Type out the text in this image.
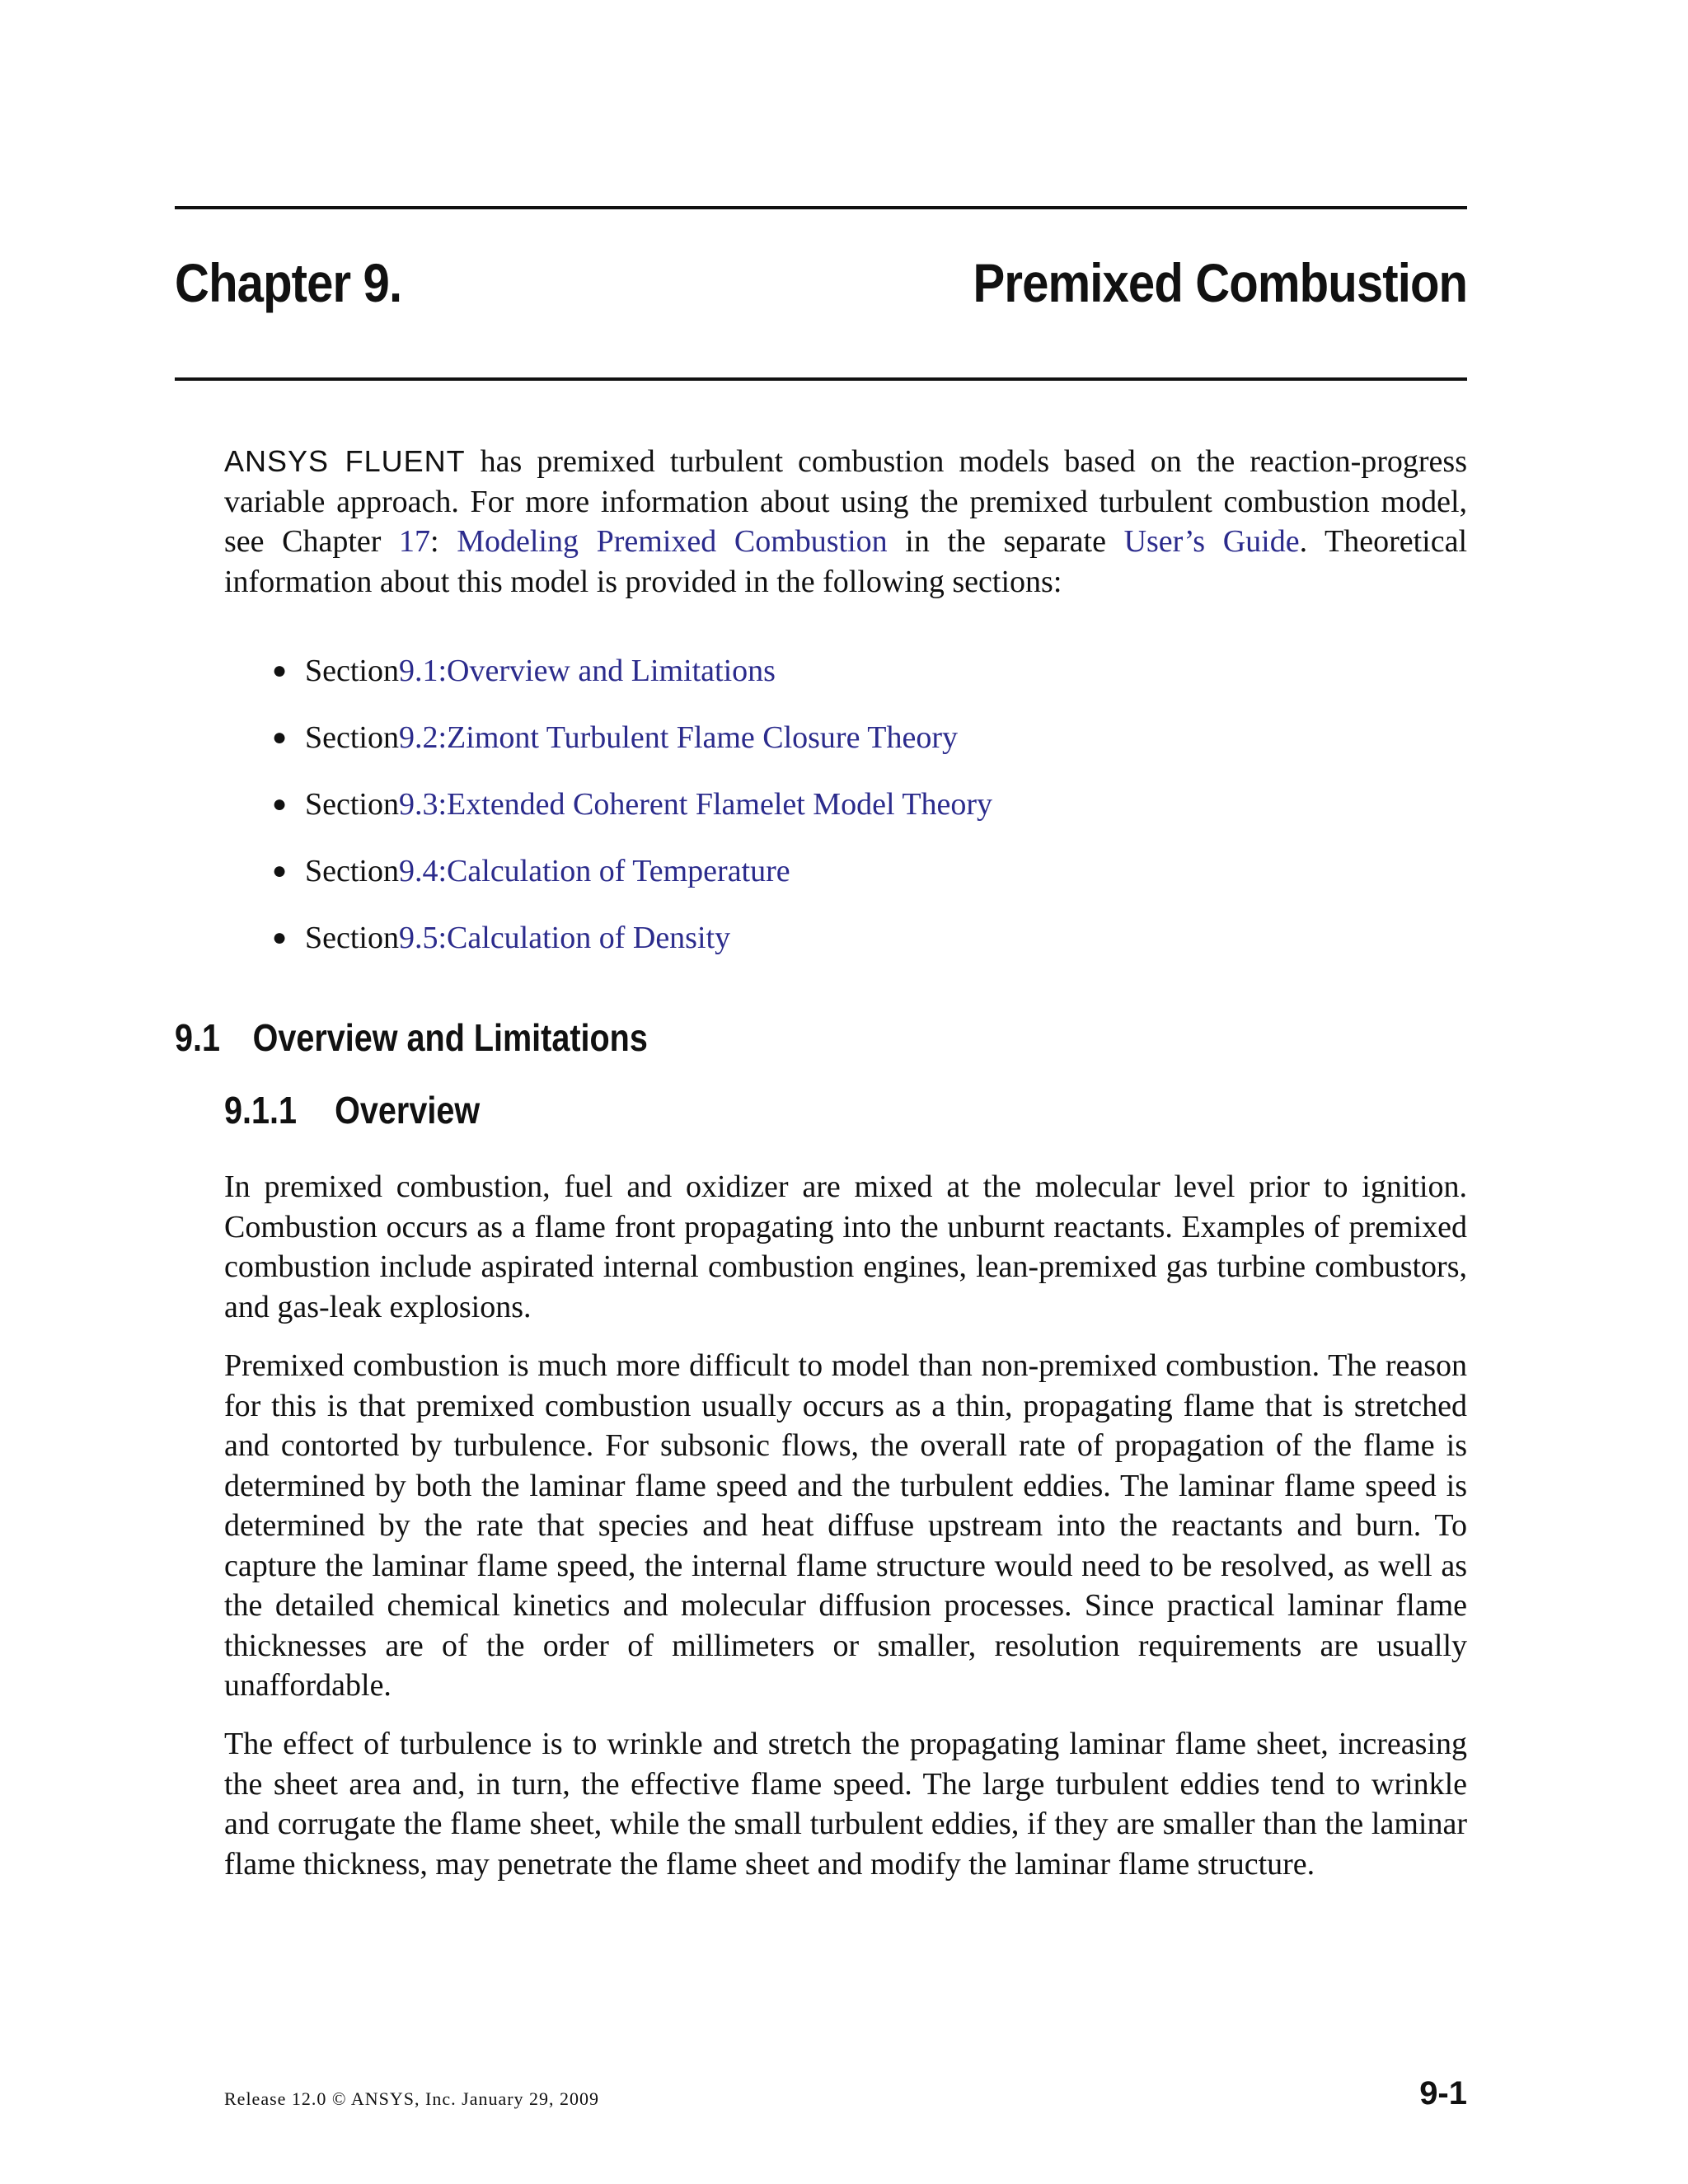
Chapter 9.	Premixed Combustion
ANSYS FLUENT has premixed turbulent combustion models based on the reaction-progress variable approach. For more information about using the premixed turbulent combustion model, see Chapter 17: Modeling Premixed Combustion in the separate User’s Guide. Theoretical information about this model is provided in the following sections:
● Section 9.1 : Overview and Limitations
● Section 9.2 : Zimont Turbulent Flame Closure Theory
● Section 9.3 : Extended Coherent Flamelet Model Theory
● Section 9.4 : Calculation of Temperature
● Section 9.5 : Calculation of Density
9.1 Overview and Limitations
9.1.1 Overview
In premixed combustion, fuel and oxidizer are mixed at the molecular level prior to ignition. Combustion occurs as a flame front propagating into the unburnt reactants. Examples of premixed combustion include aspirated internal combustion engines, lean-premixed gas turbine combustors, and gas-leak explosions.
Premixed combustion is much more difficult to model than non-premixed combustion. The reason for this is that premixed combustion usually occurs as a thin, propagating flame that is stretched and contorted by turbulence. For subsonic flows, the overall rate of propagation of the flame is determined by both the laminar flame speed and the turbulent eddies. The laminar flame speed is determined by the rate that species and heat diffuse upstream into the reactants and burn. To capture the laminar flame speed, the internal flame structure would need to be resolved, as well as the detailed chemical kinetics and molecular diffusion processes. Since practical laminar flame thicknesses are of the order of millimeters or smaller, resolution requirements are usually unaffordable.
The effect of turbulence is to wrinkle and stretch the propagating laminar flame sheet, increasing the sheet area and, in turn, the effective flame speed. The large turbulent eddies tend to wrinkle and corrugate the flame sheet, while the small turbulent eddies, if they are smaller than the laminar flame thickness, may penetrate the flame sheet and modify the laminar flame structure.
Release 12.0 © ANSYS, Inc. January 29, 2009	9-1
